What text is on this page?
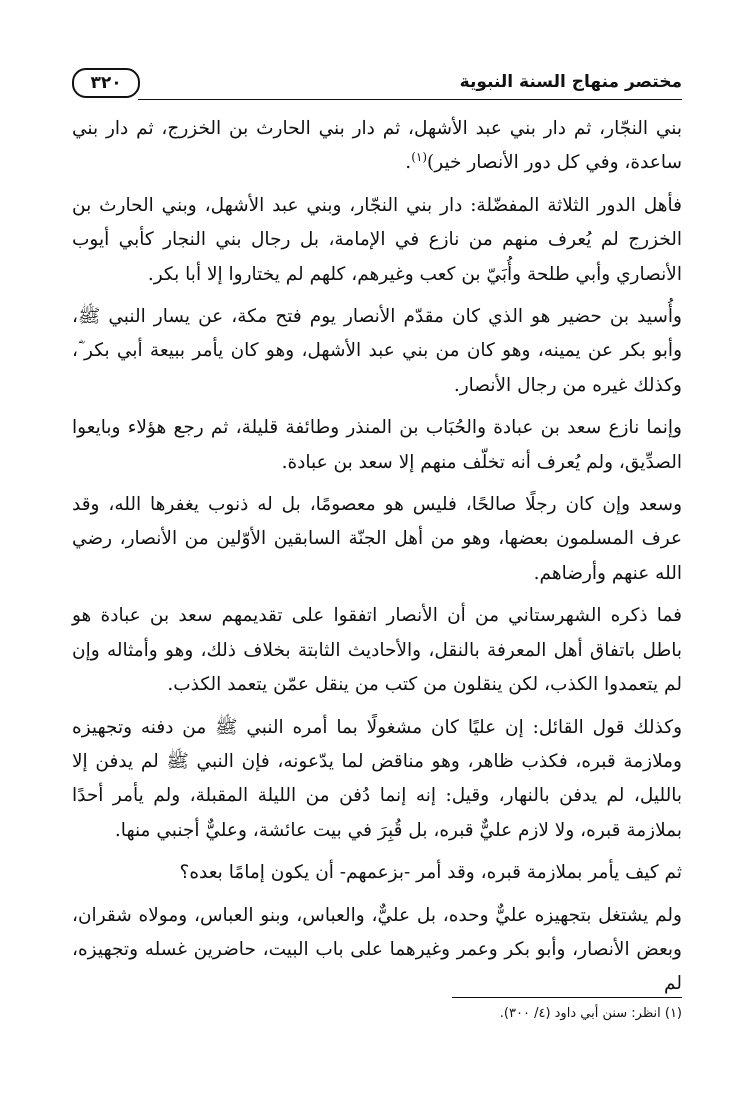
٣٢٠	مختصر منهاج السنة النبوية

بني النجّار، ثم دار بني عبد الأشهل، ثم دار بني الحارث بن الخزرج، ثم دار بني ساعدة، وفي كل دور الأنصار خير)$^{(١)}$.

فأهل الدور الثلاثة المفضّلة: دار بني النجّار، وبني عبد الأشهل، وبني الحارث بن الخزرج لم يُعرف منهم من نازع في الإمامة، بل رجال بني النجار كأبي أيوب الأنصاري وأبي طلحة وأُبَيّ بن كعب وغيرهم، كلهم لم يختاروا إلا أبا بكر.

وأُسيد بن حضير هو الذي كان مقدّم الأنصار يوم فتح مكة، عن يسار النبي ﷺ، وأبو بكر عن يمينه، وهو كان من بني عبد الأشهل، وهو كان يأمر ببيعة أبي بكر ؓ، وكذلك غيره من رجال الأنصار.

وإنما نازع سعد بن عبادة والحُبَاب بن المنذر وطائفة قليلة، ثم رجع هؤلاء وبايعوا الصدِّيق، ولم يُعرف أنه تخلّف منهم إلا سعد بن عبادة.

وسعد وإن كان رجلًا صالحًا، فليس هو معصومًا، بل له ذنوب يغفرها الله، وقد عرف المسلمون بعضها، وهو من أهل الجنّة السابقين الأوّلين من الأنصار، رضي الله عنهم وأرضاهم.

فما ذكره الشهرستاني من أن الأنصار اتفقوا على تقديمهم سعد بن عبادة هو باطل باتفاق أهل المعرفة بالنقل، والأحاديث الثابتة بخلاف ذلك، وهو وأمثاله وإن لم يتعمدوا الكذب، لكن ينقلون من كتب من ينقل عمّن يتعمد الكذب.

وكذلك قول القائل: إن عليًا كان مشغولًا بما أمره النبي ﷺ من دفنه وتجهيزه وملازمة قبره، فكذب ظاهر، وهو مناقض لما يدّعونه، فإن النبي ﷺ لم يدفن إلا بالليل، لم يدفن بالنهار، وقيل: إنه إنما دُفن من الليلة المقبلة، ولم يأمر أحدًا بملازمة قبره، ولا لازم عليٌّ قبره، بل قُبِرَ في بيت عائشة، وعليٌّ أجنبي منها.

ثم كيف يأمر بملازمة قبره، وقد أمر -بزعمهم- أن يكون إمامًا بعده؟

ولم يشتغل بتجهيزه عليٌّ وحده، بل عليٌّ، والعباس، وبنو العباس، ومولاه شقران، وبعض الأنصار، وأبو بكر وعمر وغيرهما على باب البيت، حاضرين غسله وتجهيزه، لم

(١) انظر: سنن أبي داود (٤/ ٣٠٠).
